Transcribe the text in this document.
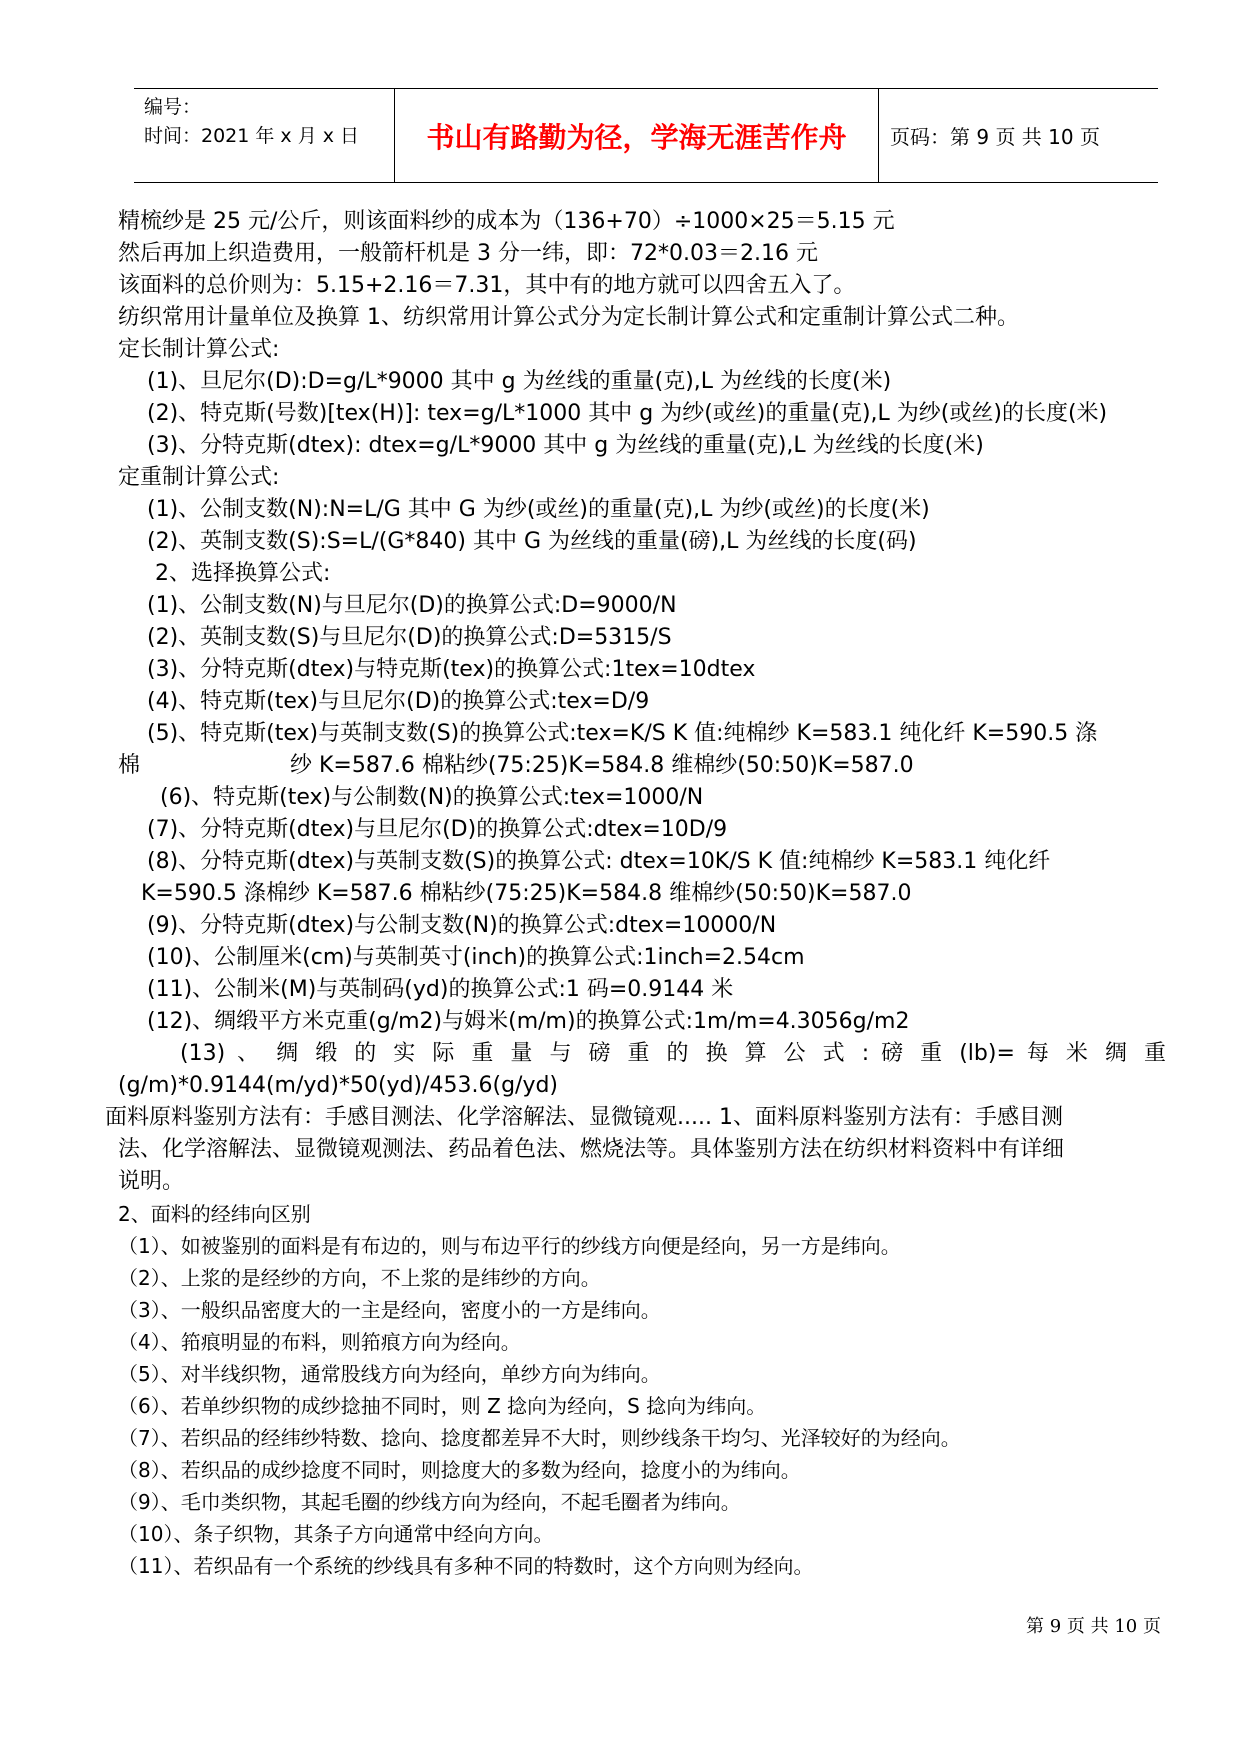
编号：
时间：2021 年 x 月 x 日	书山有路勤为径，学海无涯苦作舟	页码：第 9 页 共 10 页
精梳纱是 25 元/公斤，则该面料纱的成本为（136+70）÷1000×25＝5.15 元
然后再加上织造费用，一般箭杆机是 3 分一纬，即：72*0.03＝2.16 元
该面料的总价则为：5.15+2.16＝7.31，其中有的地方就可以四舍五入了。
纺织常用计量单位及换算 1、纺织常用计算公式分为定长制计算公式和定重制计算公式二种。
定长制计算公式:
(1)、旦尼尔(D):D=g/L*9000 其中 g 为丝线的重量(克),L 为丝线的长度(米)
(2)、特克斯(号数)[tex(H)]: tex=g/L*1000 其中 g 为纱(或丝)的重量(克),L 为纱(或丝)的长度(米)
(3)、分特克斯(dtex): dtex=g/L*9000 其中 g 为丝线的重量(克),L 为丝线的长度(米)
定重制计算公式:
(1)、公制支数(N):N=L/G 其中 G 为纱(或丝)的重量(克),L 为纱(或丝)的长度(米)
(2)、英制支数(S):S=L/(G*840) 其中 G 为丝线的重量(磅),L 为丝线的长度(码)
2、选择换算公式:
(1)、公制支数(N)与旦尼尔(D)的换算公式:D=9000/N
(2)、英制支数(S)与旦尼尔(D)的换算公式:D=5315/S
(3)、分特克斯(dtex)与特克斯(tex)的换算公式:1tex=10dtex
(4)、特克斯(tex)与旦尼尔(D)的换算公式:tex=D/9
(5)、特克斯(tex)与英制支数(S)的换算公式:tex=K/S K 值:纯棉纱 K=583.1 纯化纤 K=590.5 涤
棉	纱 K=587.6 棉粘纱(75:25)K=584.8 维棉纱(50:50)K=587.0
(6)、特克斯(tex)与公制数(N)的换算公式:tex=1000/N
(7)、分特克斯(dtex)与旦尼尔(D)的换算公式:dtex=10D/9
(8)、分特克斯(dtex)与英制支数(S)的换算公式: dtex=10K/S K 值:纯棉纱 K=583.1 纯化纤
K=590.5 涤棉纱 K=587.6 棉粘纱(75:25)K=584.8 维棉纱(50:50)K=587.0
(9)、分特克斯(dtex)与公制支数(N)的换算公式:dtex=10000/N
(10)、公制厘米(cm)与英制英寸(inch)的换算公式:1inch=2.54cm
(11)、公制米(M)与英制码(yd)的换算公式:1 码=0.9144 米
(12)、绸缎平方米克重(g/m2)与姆米(m/m)的换算公式:1m/m=4.3056g/m2
(13) 、 绸 缎 的 实 际 重 量 与 磅 重 的 换 算 公 式 : 磅 重 (lb)= 每 米 绸 重
(g/m)*0.9144(m/yd)*50(yd)/453.6(g/yd)
面料原料鉴别方法有：手感目测法、化学溶解法、显微镜观..... 1、面料原料鉴别方法有：手感目测
法、化学溶解法、显微镜观测法、药品着色法、燃烧法等。具体鉴别方法在纺织材料资料中有详细
说明。
2、面料的经纬向区别
（1）、如被鉴别的面料是有布边的，则与布边平行的纱线方向便是经向，另一方是纬向。
（2）、上浆的是经纱的方向，不上浆的是纬纱的方向。
（3）、一般织品密度大的一主是经向，密度小的一方是纬向。
（4）、筘痕明显的布料，则筘痕方向为经向。
（5）、对半线织物，通常股线方向为经向，单纱方向为纬向。
（6）、若单纱织物的成纱捻抽不同时，则 Z 捻向为经向，S 捻向为纬向。
（7）、若织品的经纬纱特数、捻向、捻度都差异不大时，则纱线条干均匀、光泽较好的为经向。
（8）、若织品的成纱捻度不同时，则捻度大的多数为经向，捻度小的为纬向。
（9）、毛巾类织物，其起毛圈的纱线方向为经向，不起毛圈者为纬向。
（10）、条子织物，其条子方向通常中经向方向。
（11）、若织品有一个系统的纱线具有多种不同的特数时，这个方向则为经向。
第 9 页 共 10 页
